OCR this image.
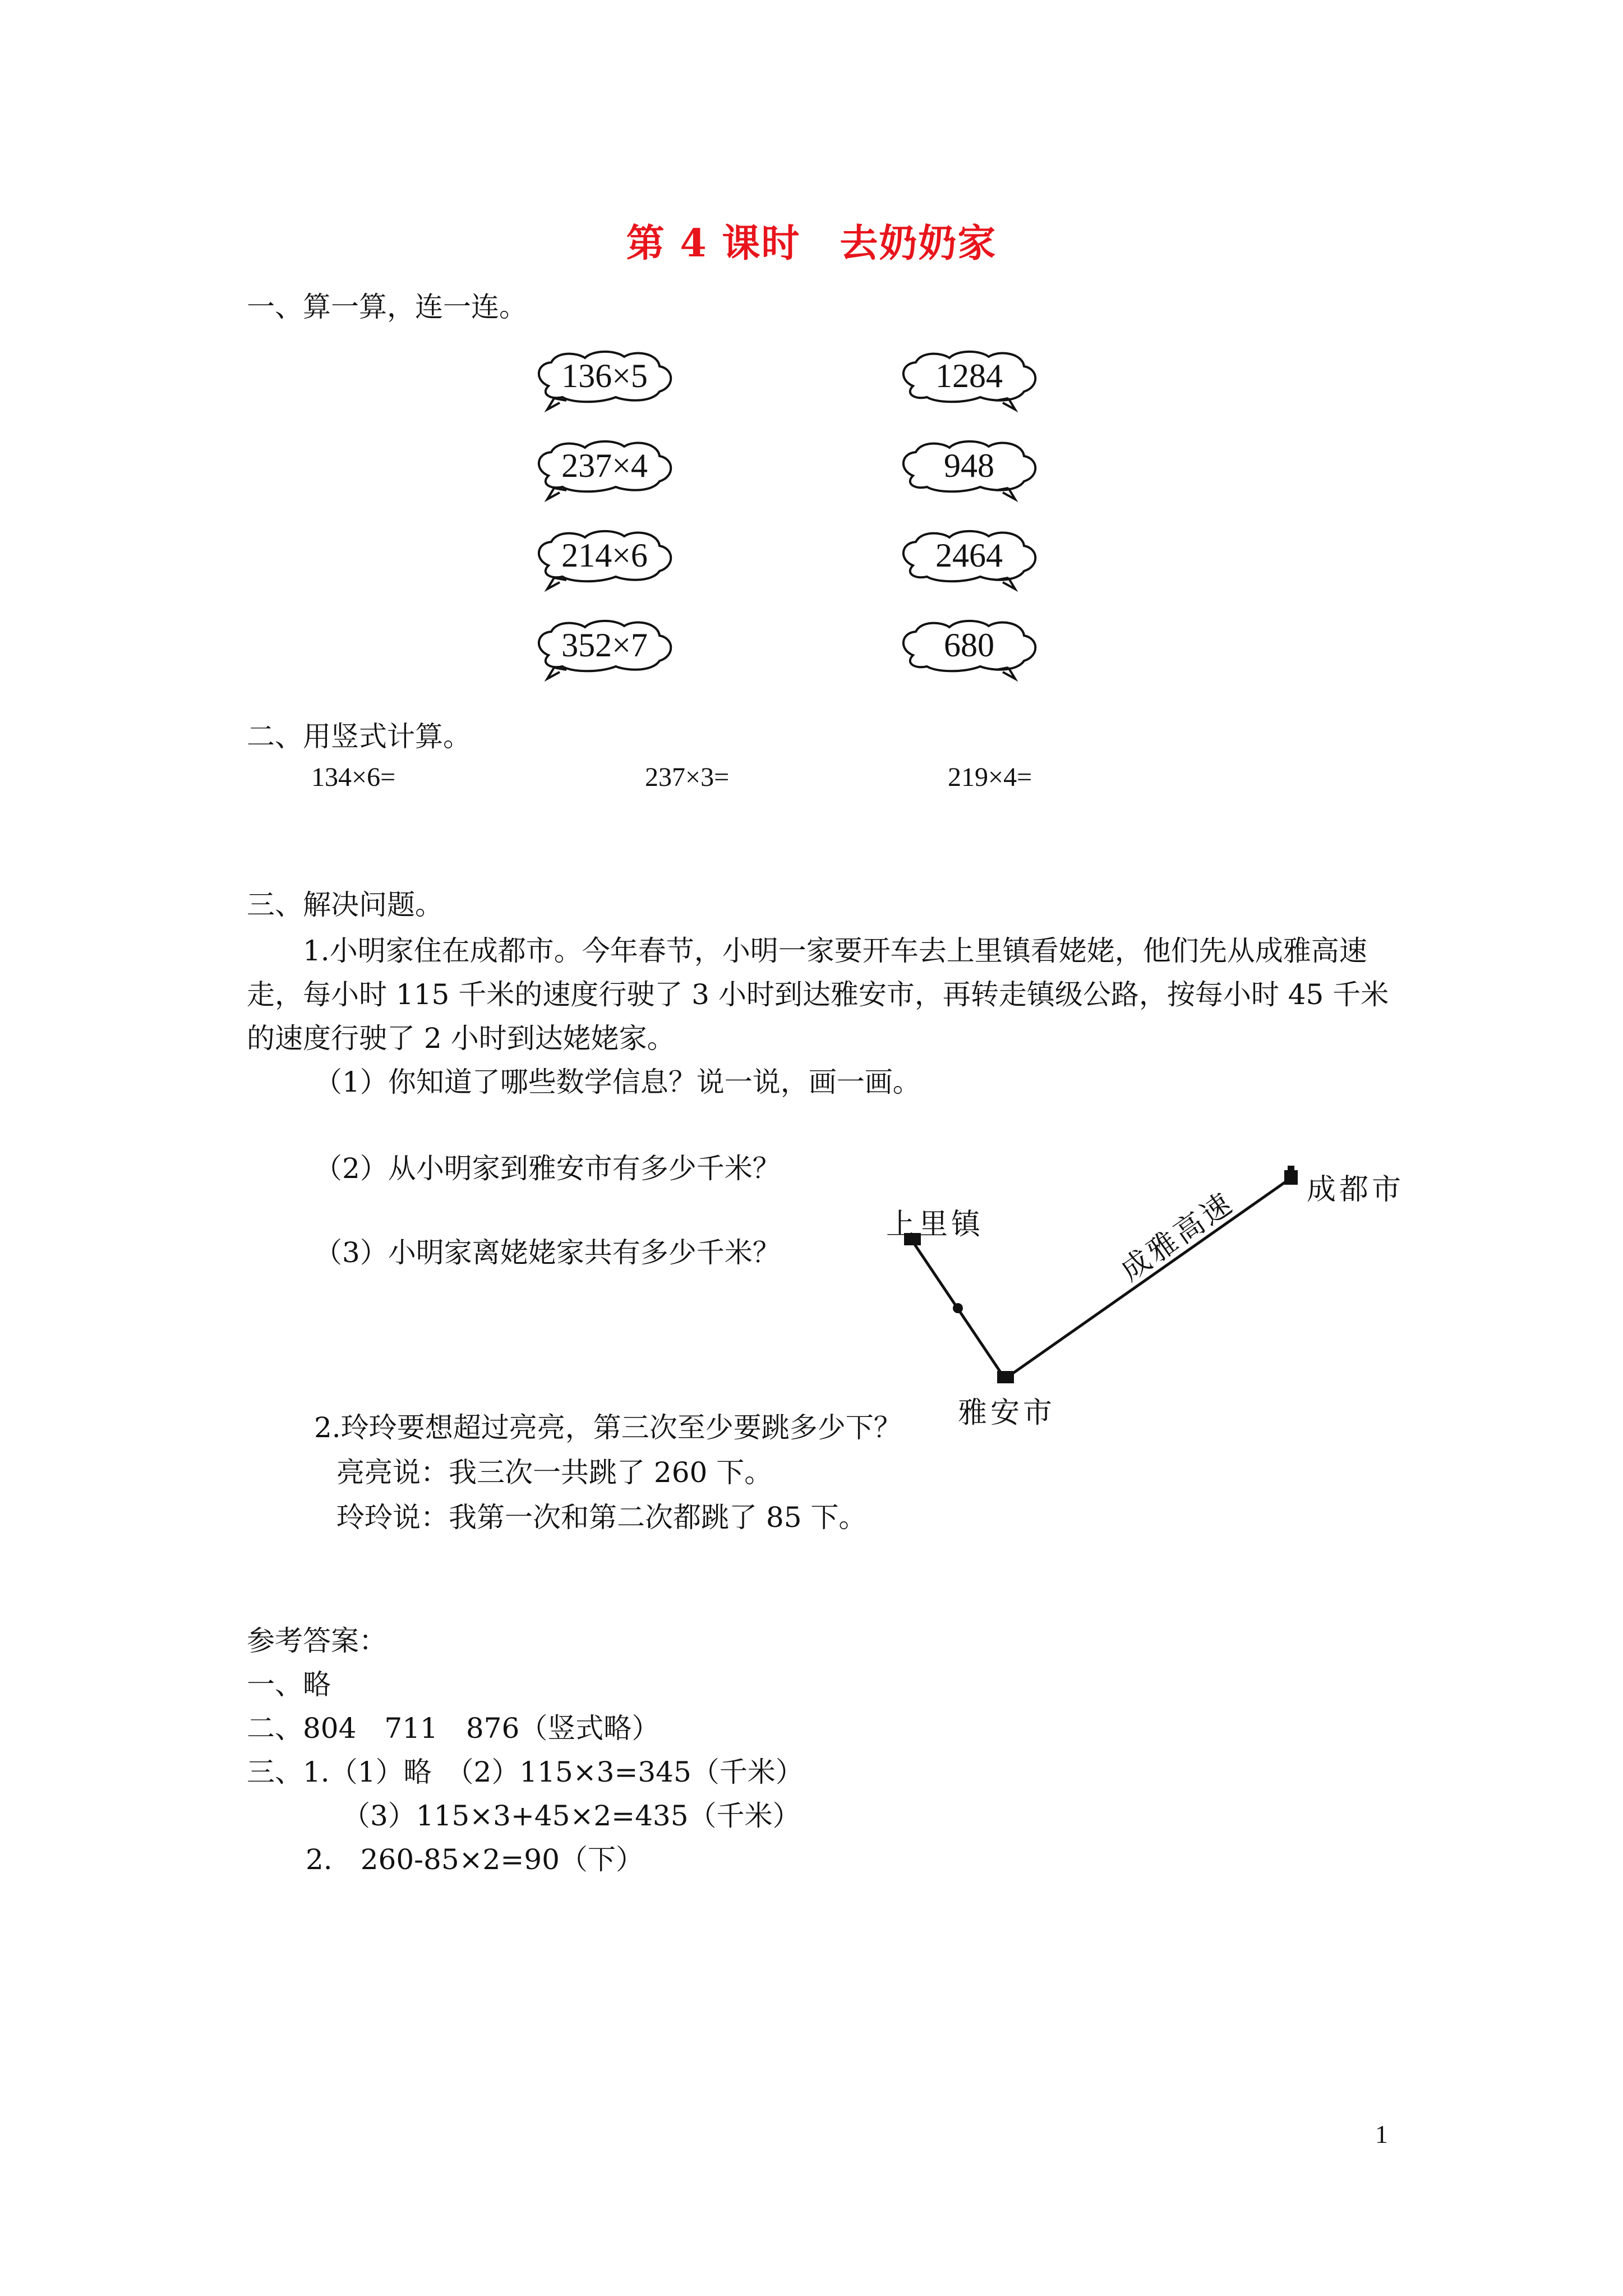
第 4 课时　去奶奶家
一、算一算，连一连。
136×5
237×4
214×6
352×7
1284
948
2464
680
二、用竖式计算。
134×6=	237×3=	219×4=
三、解决问题。
1.小明家住在成都市。今年春节，小明一家要开车去上里镇看姥姥，他们先从成雅高速
走，每小时 115 千米的速度行驶了 3 小时到达雅安市，再转走镇级公路，按每小时 45 千米
的速度行驶了 2 小时到达姥姥家。
（1）你知道了哪些数学信息？说一说，画一画。
（2）从小明家到雅安市有多少千米？
（3）小明家离姥姥家共有多少千米？
上里镇
雅安市
成都市
成雅高速
2.玲玲要想超过亮亮，第三次至少要跳多少下？
亮亮说：我三次一共跳了 260 下。
玲玲说：我第一次和第二次都跳了 85 下。
参考答案：
一、略
二、804　711　876（竖式略）
三、1.（1）略　（2）115×3=345（千米）
（3）115×3+45×2=435（千米）
2.　260-85×2=90（下）
1
